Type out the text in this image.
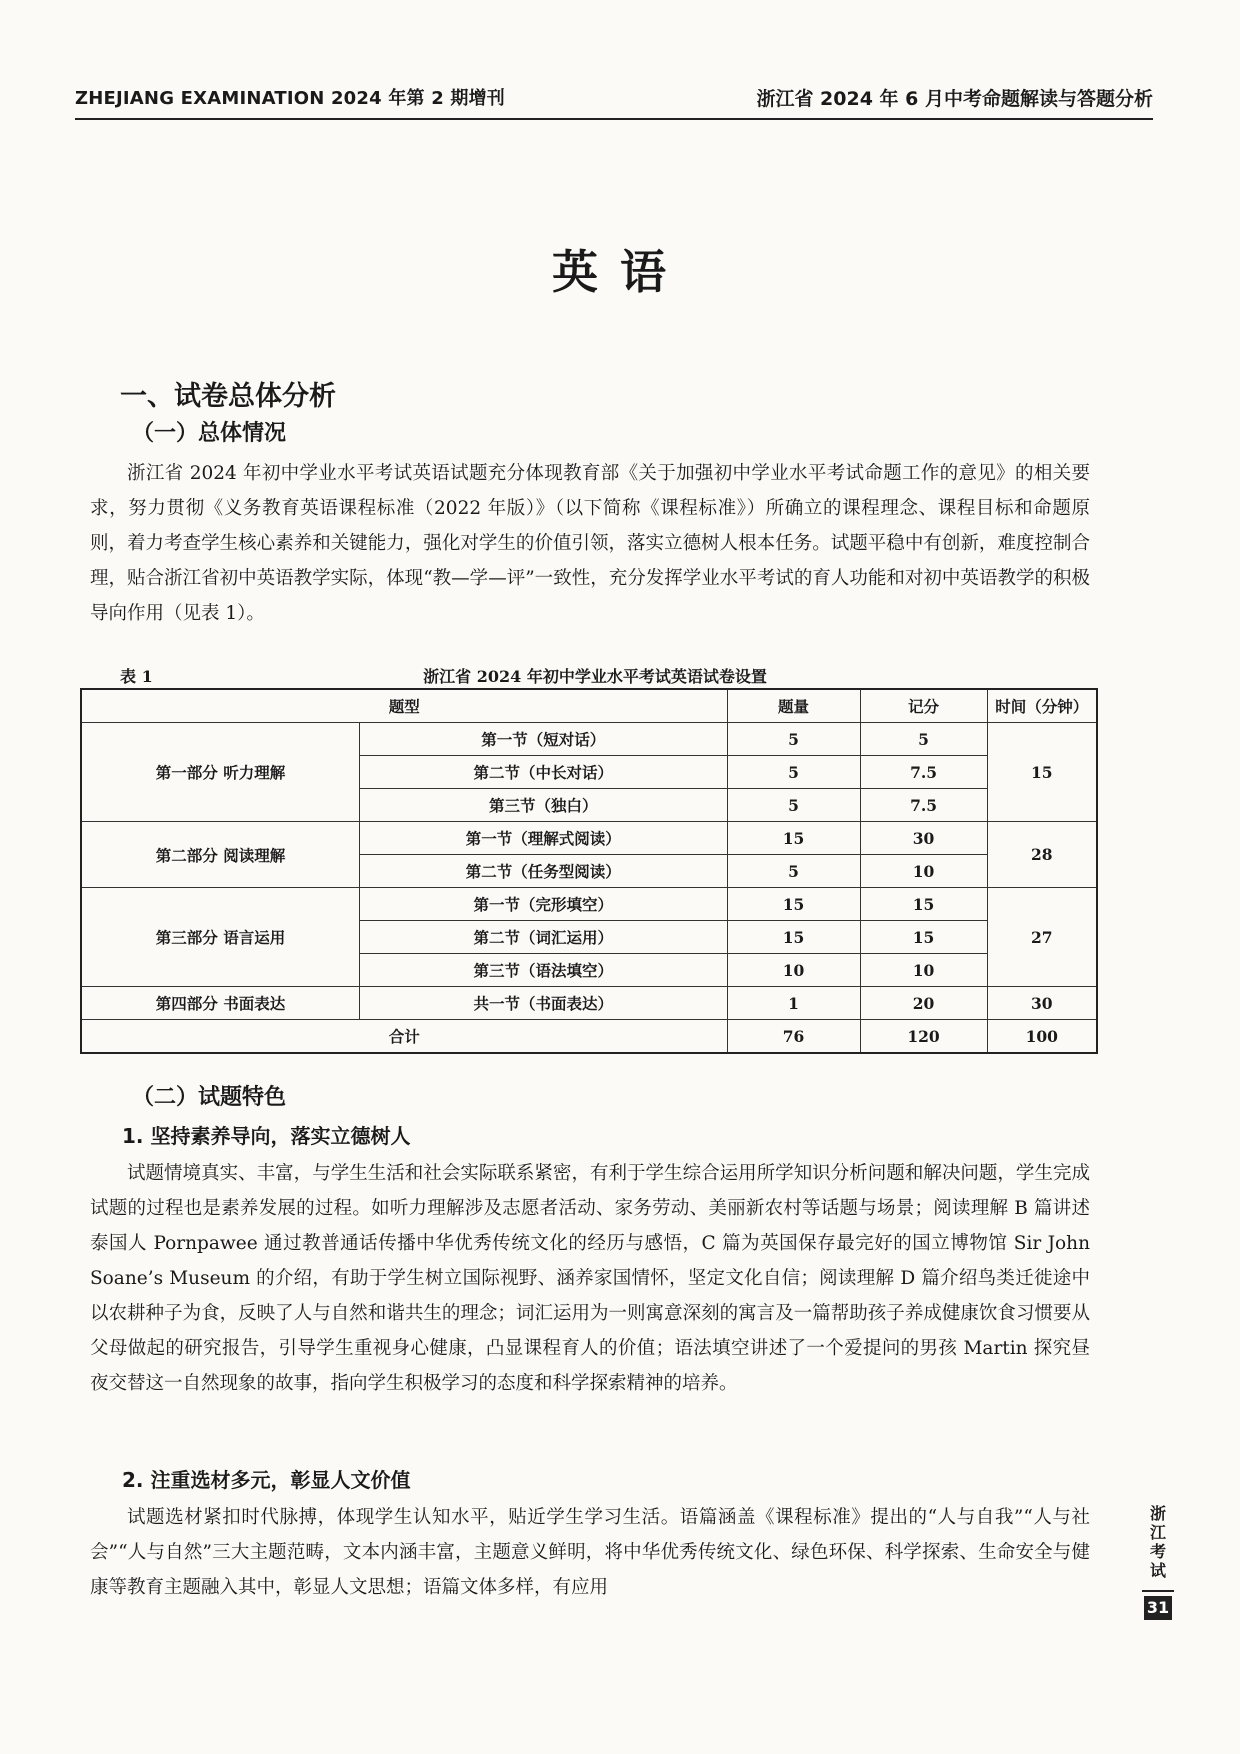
ZHEJIANG EXAMINATION 2024 年第 2 期增刊	浙江省 2024 年 6 月中考命题解读与答题分析
英语
一、试卷总体分析
（一）总体情况

浙江省 2024 年初中学业水平考试英语试题充分体现教育部《关于加强初中学业水平考试命题工作的意见》的相关要求，努力贯彻《义务教育英语课程标准（2022 年版）》（以下简称《课程标准》）所确立的课程理念、课程目标和命题原则，着力考查学生核心素养和关键能力，强化对学生的价值引领，落实立德树人根本任务。试题平稳中有创新，难度控制合理，贴合浙江省初中英语教学实际，体现“教—学—评”一致性，充分发挥学业水平考试的育人功能和对初中英语教学的积极导向作用（见表 1）。

表 1	浙江省 2024 年初中学业水平考试英语试卷设置
题型		题量	记分	时间（分钟）
第一部分 听力理解	第一节（短对话）	5	5	15
	第二节（中长对话）	5	7.5	
	第三节（独白）	5	7.5	
第二部分 阅读理解	第一节（理解式阅读）	15	30	28
	第二节（任务型阅读）	5	10	
第三部分 语言运用	第一节（完形填空）	15	15	27
	第二节（词汇运用）	15	15	
	第三节（语法填空）	10	10	
第四部分 书面表达	共一节（书面表达）	1	20	30
合计		76	120	100
（二）试题特色
1. 坚持素养导向，落实立德树人

试题情境真实、丰富，与学生生活和社会实际联系紧密，有利于学生综合运用所学知识分析问题和解决问题，学生完成试题的过程也是素养发展的过程。如听力理解涉及志愿者活动、家务劳动、美丽新农村等话题与场景；阅读理解 B 篇讲述泰国人 Pornpawee 通过教普通话传播中华优秀传统文化的经历与感悟，C 篇为英国保存最完好的国立博物馆 Sir John Soane’s Museum 的介绍，有助于学生树立国际视野、涵养家国情怀，坚定文化自信；阅读理解 D 篇介绍鸟类迁徙途中以农耕种子为食，反映了人与自然和谐共生的理念；词汇运用为一则寓意深刻的寓言及一篇帮助孩子养成健康饮食习惯要从父母做起的研究报告，引导学生重视身心健康，凸显课程育人的价值；语法填空讲述了一个爱提问的男孩 Martin 探究昼夜交替这一自然现象的故事，指向学生积极学习的态度和科学探索精神的培养。

2. 注重选材多元，彰显人文价值

试题选材紧扣时代脉搏，体现学生认知水平，贴近学生学习生活。语篇涵盖《课程标准》提出的“人与自我”“人与社会”“人与自然”三大主题范畴，文本内涵丰富，主题意义鲜明，将中华优秀传统文化、绿色环保、科学探索、生命安全与健康等教育主题融入其中，彰显人文思想；语篇文体多样，有应用

浙江考试
31
